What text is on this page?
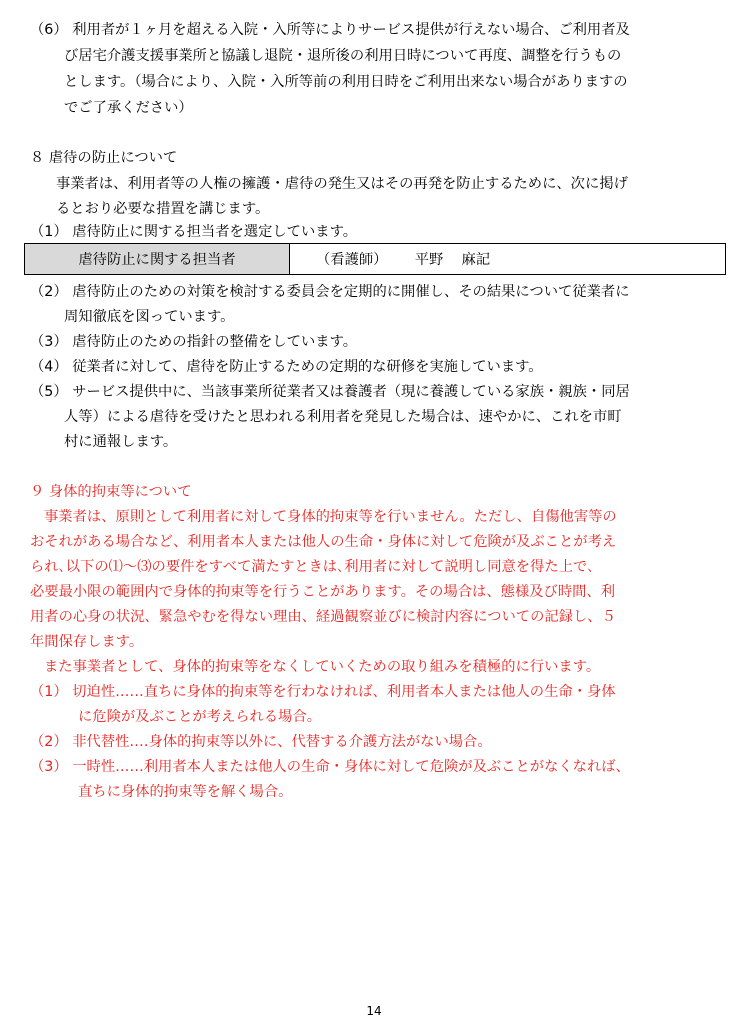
（6） 利用者が１ヶ月を超える入院・入所等によりサービス提供が行えない場合、ご利用者及
び居宅介護支援事業所と協議し退院・退所後の利用日時について再度、調整を行うもの
とします。（場合により、入院・入所等前の利用日時をご利用出来ない場合がありますの
でご了承ください）
８ 虐待の防止について
事業者は、利用者等の人権の擁護・虐待の発生又はその再発を防止するために、次に掲げ
るとおり必要な措置を講じます。
（1） 虐待防止に関する担当者を選定しています。
虐待防止に関する担当者	（看護師）      平野    麻記
（2） 虐待防止のための対策を検討する委員会を定期的に開催し、その結果について従業者に
周知徹底を図っています。
（3） 虐待防止のための指針の整備をしています。
（4） 従業者に対して、虐待を防止するための定期的な研修を実施しています。
（5） サービス提供中に、当該事業所従業者又は養護者（現に養護している家族・親族・同居
人等）による虐待を受けたと思われる利用者を発見した場合は、速やかに、これを市町
村に通報します。
９ 身体的拘束等について
事業者は、原則として利用者に対して身体的拘束等を行いません。ただし、自傷他害等の
おそれがある場合など、利用者本人または他人の生命・身体に対して危険が及ぶことが考え
られ､以下の⑴～⑶の要件をすべて満たすときは､利用者に対して説明し同意を得た上で､
必要最小限の範囲内で身体的拘束等を行うことがあります。その場合は、態様及び時間、利
用者の心身の状況、緊急やむを得ない理由、経過観察並びに検討内容についての記録し、５
年間保存します。
また事業者として、身体的拘束等をなくしていくための取り組みを積極的に行います。
（1） 切迫性‥‥‥直ちに身体的拘束等を行わなければ、利用者本人または他人の生命・身体
に危険が及ぶことが考えられる場合。
（2） 非代替性‥‥身体的拘束等以外に、代替する介護方法がない場合。
（3） 一時性‥‥‥利用者本人または他人の生命・身体に対して危険が及ぶことがなくなれば、
直ちに身体的拘束等を解く場合。
14
